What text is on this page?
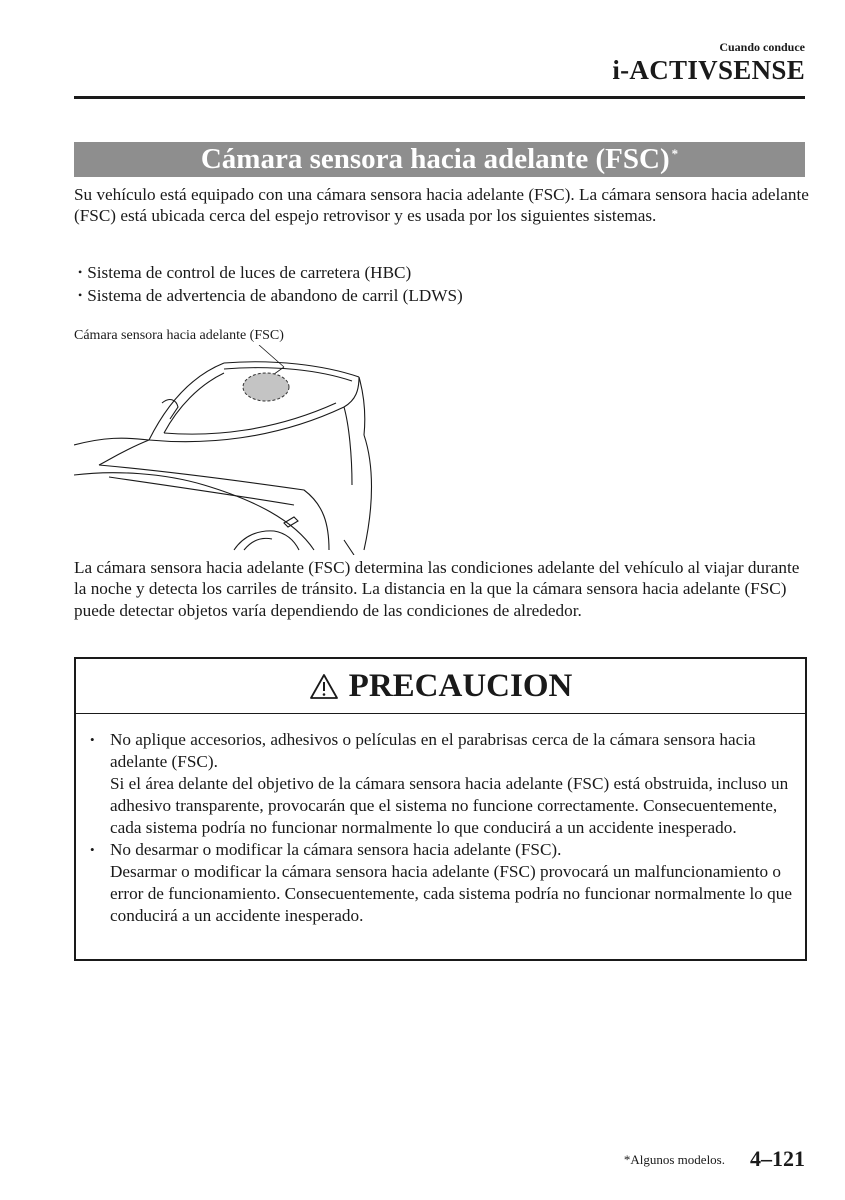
Cuando conduce
i-ACTIVSENSE
Cámara sensora hacia adelante (FSC)*
Su vehículo está equipado con una cámara sensora hacia adelante (FSC). La cámara sensora hacia adelante (FSC) está ubicada cerca del espejo retrovisor y es usada por los siguientes sistemas.
• Sistema de control de luces de carretera (HBC)
• Sistema de advertencia de abandono de carril (LDWS)
Cámara sensora hacia adelante (FSC)
La cámara sensora hacia adelante (FSC) determina las condiciones adelante del vehículo al viajar durante la noche y detecta los carriles de tránsito. La distancia en la que la cámara sensora hacia adelante (FSC) puede detectar objetos varía dependiendo de las condiciones de alrededor.
PRECAUCION
• No aplique accesorios, adhesivos o películas en el parabrisas cerca de la cámara sensora hacia adelante (FSC).
Si el área delante del objetivo de la cámara sensora hacia adelante (FSC) está obstruida, incluso un adhesivo transparente, provocarán que el sistema no funcione correctamente. Consecuentemente, cada sistema podría no funcionar normalmente lo que conducirá a un accidente inesperado.
• No desarmar o modificar la cámara sensora hacia adelante (FSC).
Desarmar o modificar la cámara sensora hacia adelante (FSC) provocará un malfuncionamiento o error de funcionamiento. Consecuentemente, cada sistema podría no funcionar normalmente lo que conducirá a un accidente inesperado.
*Algunos modelos. 4–121
